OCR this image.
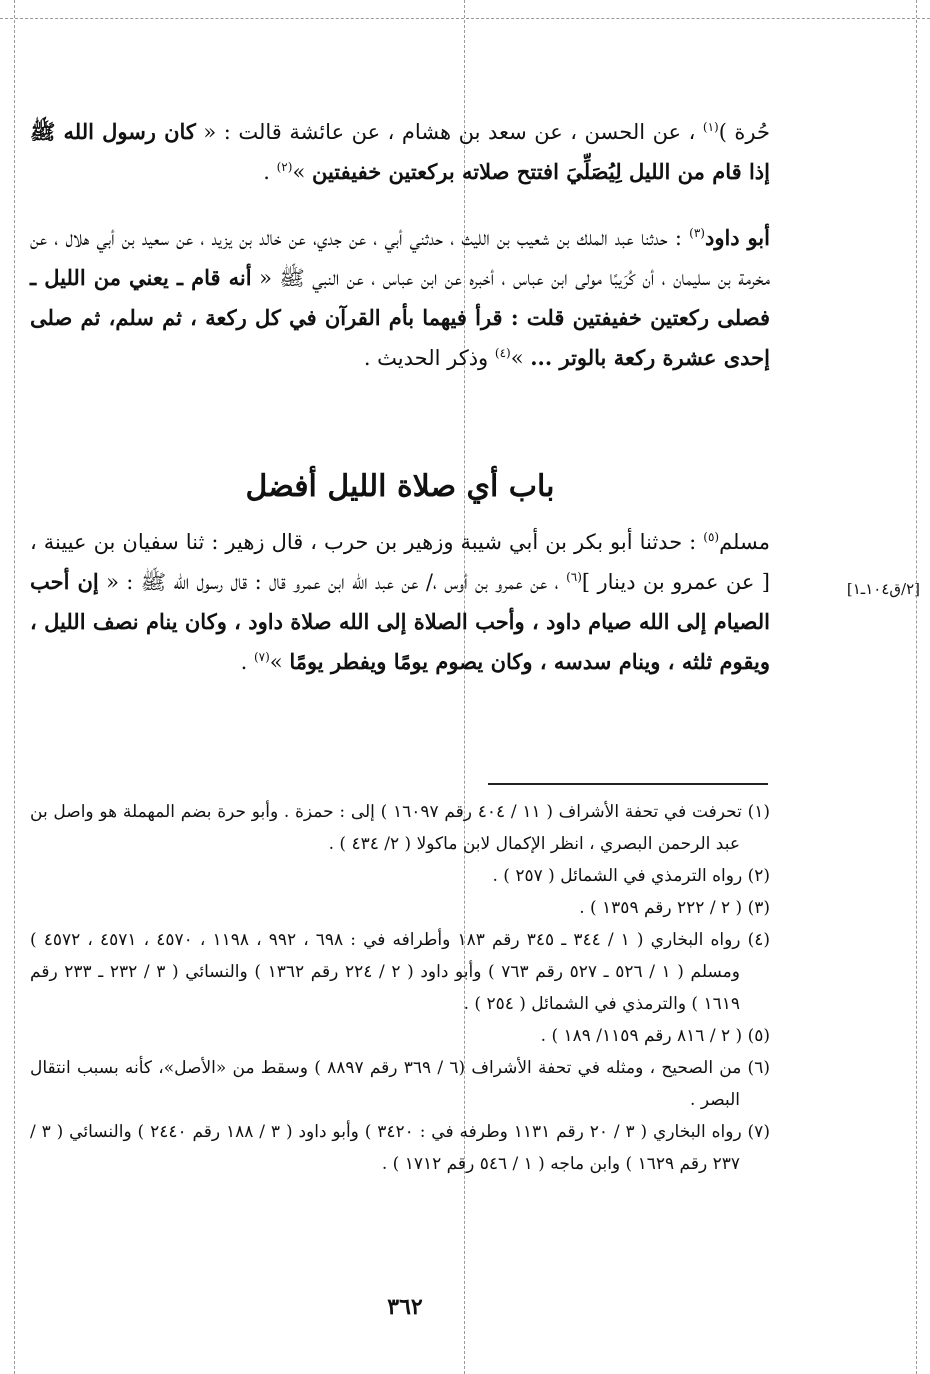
حُرة )$^{(١)}$ ، عن الحسن ، عن سعد بن هشام ، عن عائشة قالت : « كان رسول الله ﷺ إذا قام من الليل لِيُصَلِّيَ افتتح صلاته بركعتين خفيفتين »$^{(٢)}$ .

أبو داود$^{(٣)}$ : حدثنا عبد الملك بن شعيب بن الليث ، حدثني أبي ، عن جدي، عن خالد بن يزيد ، عن سعيد بن أبي هلال ، عن مخرمة بن سليمان ، أن كُرَيبًا مولى ابن عباس ، أخبره عن ابن عباس ، عن النبي ﷺ « أنه قام ـ يعني من الليل ـ فصلى ركعتين خفيفتين قلت : قرأ فيهما بأم القرآن في كل ركعة ، ثم سلم، ثم صلى إحدى عشرة ركعة بالوتر ... »$^{(٤)}$ وذكر الحديث .

باب أي صلاة الليل أفضل

مسلم$^{(٥)}$ : حدثنا أبو بكر بن أبي شيبة وزهير بن حرب ، قال زهير : ثنا سفيان بن عيينة ، [ عن عمرو بن دينار ]$^{(٦)}$ ، عن عمرو بن أوس ،/ عن عبد الله ابن عمرو قال : قال رسول الله ﷺ : « إن أحب الصيام إلى الله صيام داود ، وأحب الصلاة إلى الله صلاة داود ، وكان ينام نصف الليل ، ويقوم ثلثه ، وينام سدسه ، وكان يصوم يومًا ويفطر يومًا »$^{(٧)}$ .

[٢/ق١٠٤ـ١]
(١) تحرفت في تحفة الأشراف ( ١١ / ٤٠٤ رقم ١٦٠٩٧ ) إلى : حمزة . وأبو حرة بضم المهملة هو واصل بن عبد الرحمن البصري ، انظر الإكمال لابن ماكولا ( ٢/ ٤٣٤ ) .
(٢) رواه الترمذي في الشمائل ( ٢٥٧ ) .
(٣) ( ٢ / ٢٢٢ رقم ١٣٥٩ ) .
(٤) رواه البخاري ( ١ / ٣٤٤ ـ ٣٤٥ رقم ١٨٣ وأطرافه في : ٦٩٨ ، ٩٩٢ ، ١١٩٨ ، ٤٥٧٠ ، ٤٥٧١ ، ٤٥٧٢ ) ومسلم ( ١ / ٥٢٦ ـ ٥٢٧ رقم ٧٦٣ ) وأبو داود ( ٢ / ٢٢٤ رقم ١٣٦٢ ) والنسائي ( ٣ / ٢٣٢ ـ ٢٣٣ رقم ١٦١٩ ) والترمذي في الشمائل ( ٢٥٤ ) .
(٥) ( ٢ / ٨١٦ رقم ١١٥٩/ ١٨٩ ) .
(٦) من الصحيح ، ومثله في تحفة الأشراف (٦ / ٣٦٩ رقم ٨٨٩٧ ) وسقط من «الأصل»، كأنه بسبب انتقال البصر .
(٧) رواه البخاري ( ٣ / ٢٠ رقم ١١٣١ وطرفه في : ٣٤٢٠ ) وأبو داود ( ٣ / ١٨٨ رقم ٢٤٤٠ ) والنسائي ( ٣ / ٢٣٧ رقم ١٦٢٩ ) وابن ماجه ( ١ / ٥٤٦ رقم ١٧١٢ ) .
٣٦٢
